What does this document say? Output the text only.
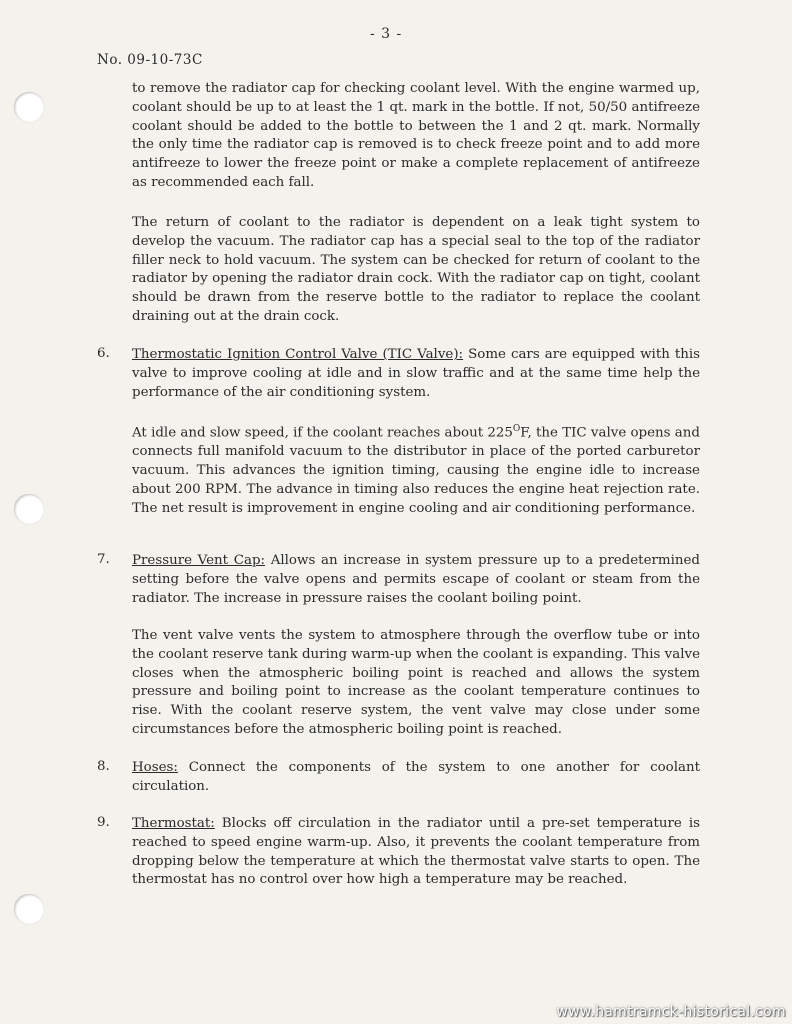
- 3 -
No. 09-10-73C

to remove the radiator cap for checking coolant level. With the engine warmed up, coolant should be up to at least the 1 qt. mark in the bottle. If not, 50/50 antifreeze coolant should be added to the bottle to between the 1 and 2 qt. mark. Normally the only time the radiator cap is removed is to check freeze point and to add more antifreeze to lower the freeze point or make a complete replacement of antifreeze as recommended each fall.

The return of coolant to the radiator is dependent on a leak tight system to develop the vacuum. The radiator cap has a special seal to the top of the radiator filler neck to hold vacuum. The system can be checked for return of coolant to the radiator by opening the radiator drain cock. With the radiator cap on tight, coolant should be drawn from the reserve bottle to the radiator to replace the coolant draining out at the drain cock.

6. Thermostatic Ignition Control Valve (TIC Valve): Some cars are equipped with this valve to improve cooling at idle and in slow traffic and at the same time help the performance of the air conditioning system.

At idle and slow speed, if the coolant reaches about $225^OF$, the TIC valve opens and connects full manifold vacuum to the distributor in place of the ported carburetor vacuum. This advances the ignition timing, causing the engine idle to increase about 200 RPM. The advance in timing also reduces the engine heat rejection rate. The net result is improvement in engine cooling and air conditioning performance.

7. Pressure Vent Cap: Allows an increase in system pressure up to a predetermined setting before the valve opens and permits escape of coolant or steam from the radiator. The increase in pressure raises the coolant boiling point.

The vent valve vents the system to atmosphere through the overflow tube or into the coolant reserve tank during warm-up when the coolant is expanding. This valve closes when the atmospheric boiling point is reached and allows the system pressure and boiling point to increase as the coolant temperature continues to rise. With the coolant reserve system, the vent valve may close under some circumstances before the atmospheric boiling point is reached.

8. Hoses: Connect the components of the system to one another for coolant circulation.

9. Thermostat: Blocks off circulation in the radiator until a pre-set temperature is reached to speed engine warm-up. Also, it prevents the coolant temperature from dropping below the temperature at which the thermostat valve starts to open. The thermostat has no control over how high a temperature may be reached.

www.hamtramck-historical.com
